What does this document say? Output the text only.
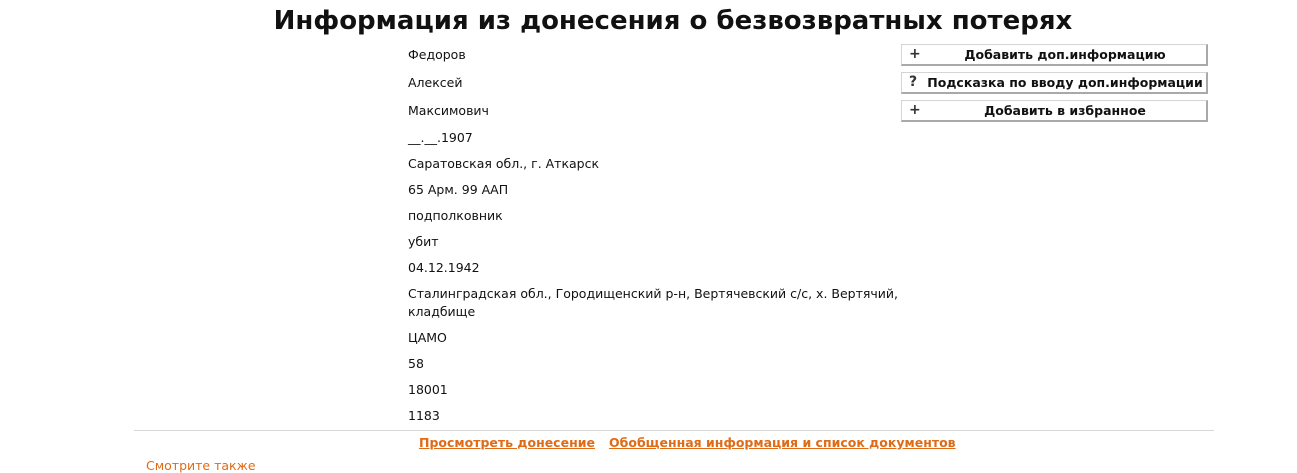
Информация из донесения о безвозвратных потерях
Федоров
Алексей
Максимович
__.__.1907
Саратовская обл., г. Аткарск
65 Арм. 99 ААП
подполковник
убит
04.12.1942
Сталинградская обл., Городищенский р-н, Вертячевский с/с, х. Вертячий, кладбище
ЦАМО
58
18001
1183
+	Добавить доп.информацию
? Подсказка по вводу доп.информации
+	Добавить в избранное
Просмотреть донесение Обобщенная информация и список документов
Смотрите также
